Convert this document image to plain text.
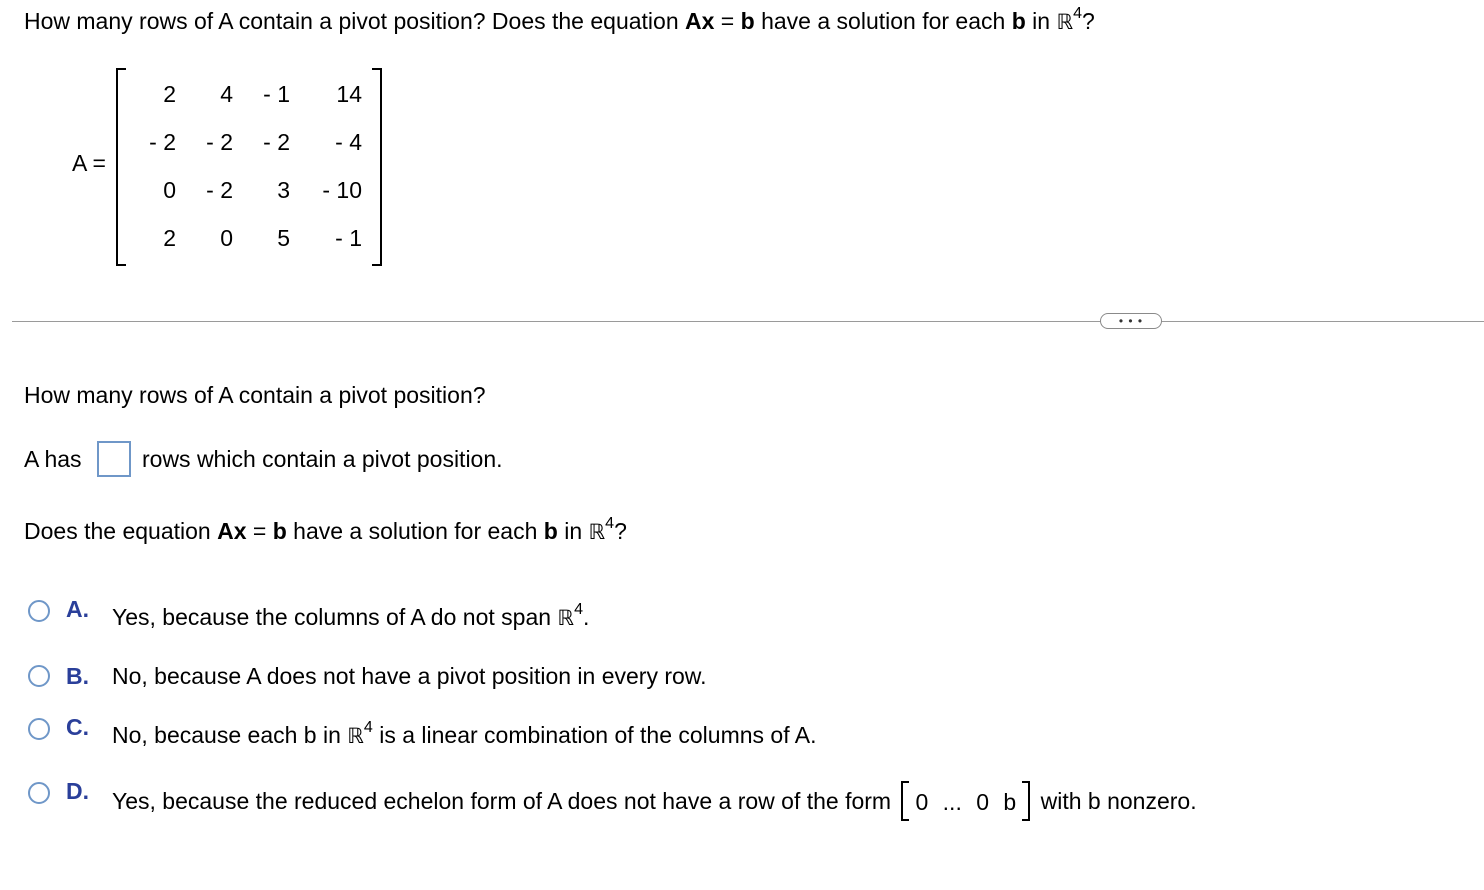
How many rows of A contain a pivot position? Does the equation Ax = b have a solution for each b in ℝ$^4$?
A =
2	4	- 1	14
- 2	- 2	- 2	- 4
0	- 2	3	- 10
2	0	5	- 1
• • •
How many rows of A contain a pivot position?
A has	rows which contain a pivot position.
Does the equation Ax = b have a solution for each b in ℝ$^4$?
A. Yes, because the columns of A do not span ℝ$^4$.
B. No, because A does not have a pivot position in every row.
C. No, because each b in ℝ$^4$ is a linear combination of the columns of A.
D. Yes, because the reduced echelon form of A does not have a row of the form 0 ... 0 b with b nonzero.
